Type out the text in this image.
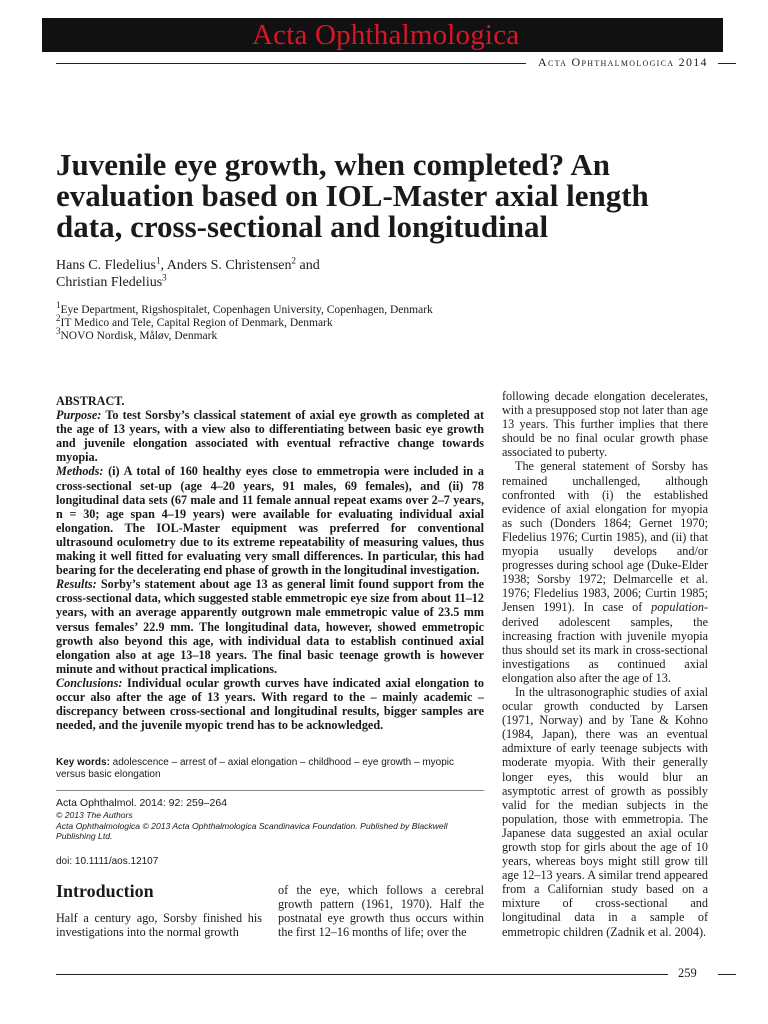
Acta Ophthalmologica
Acta Ophthalmologica 2014
Juvenile eye growth, when completed? An evaluation based on IOL-Master axial length data, cross-sectional and longitudinal
Hans C. Fledelius$^1$, Anders S. Christensen$^2$ and
Christian Fledelius$^3$
$^1$Eye Department, Rigshospitalet, Copenhagen University, Copenhagen, Denmark
$^2$IT Medico and Tele, Capital Region of Denmark, Denmark
$^3$NOVO Nordisk, Måløv, Denmark

ABSTRACT.

Purpose: To test Sorsby’s classical statement of axial eye growth as completed at the age of 13 years, with a view also to differentiating between basic eye growth and juvenile elongation associated with eventual refractive change towards myopia.

Methods: (i) A total of 160 healthy eyes close to emmetropia were included in a cross-sectional set-up (age 4–20 years, 91 males, 69 females), and (ii) 78 longitudinal data sets (67 male and 11 female annual repeat exams over 2–7 years, n = 30; age span 4–19 years) were available for evaluating individual axial elongation. The IOL-Master equipment was preferred for conventional ultrasound oculometry due to its extreme repeatability of measuring values, thus making it well fitted for evaluating very small differences. In particular, this had bearing for the decelerating end phase of growth in the longitudinal investigation.

Results: Sorby’s statement about age 13 as general limit found support from the cross-sectional data, which suggested stable emmetropic eye size from about 11–12 years, with an average apparently outgrown male emmetropic value of 23.5 mm versus females’ 22.9 mm. The longitudinal data, however, showed emmetropic growth also beyond this age, with individual data to establish continued axial elongation also at age 13–18 years. The final basic teenage growth is however minute and without practical implications.

Conclusions: Individual ocular growth curves have indicated axial elongation to occur also after the age of 13 years. With regard to the – mainly academic – discrepancy between cross-sectional and longitudinal results, bigger samples are needed, and the juvenile myopic trend has to be acknowledged.

Key words: adolescence – arrest of – axial elongation – childhood – eye growth – myopic versus basic elongation
Acta Ophthalmol. 2014: 92: 259–264
© 2013 The Authors
Acta Ophthalmologica © 2013 Acta Ophthalmologica Scandinavica Foundation. Published by Blackwell Publishing Ltd.
doi: 10.1111/aos.12107
Introduction

Half a century ago, Sorsby finished his investigations into the normal growth

of the eye, which follows a cerebral growth pattern (1961, 1970). Half the postnatal eye growth thus occurs within the first 12–16 months of life; over the

following decade elongation decelerates, with a presupposed stop not later than age 13 years. This further implies that there should be no final ocular growth phase associated to puberty.

The general statement of Sorsby has remained unchallenged, although confronted with (i) the established evidence of axial elongation for myopia as such (Donders 1864; Gernet 1970; Fledelius 1976; Curtin 1985), and (ii) that myopia usually develops and/or progresses during school age (Duke-Elder 1938; Sorsby 1972; Delmarcelle et al. 1976; Fledelius 1983, 2006; Curtin 1985; Jensen 1991). In case of population-derived adolescent samples, the increasing fraction with juvenile myopia thus should set its mark in cross-sectional investigations as continued axial elongation also after the age of 13.

In the ultrasonographic studies of axial ocular growth conducted by Larsen (1971, Norway) and by Tane & Kohno (1984, Japan), there was an eventual admixture of early teenage subjects with moderate myopia. With their generally longer eyes, this would blur an asymptotic arrest of growth as possibly valid for the median subjects in the population, those with emmetropia. The Japanese data suggested an axial ocular growth stop for girls about the age of 10 years, whereas boys might still grow till age 12–13 years. A similar trend appeared from a Californian study based on a mixture of cross-sectional and longitudinal data in a sample of emmetropic children (Zadnik et al. 2004).

259
